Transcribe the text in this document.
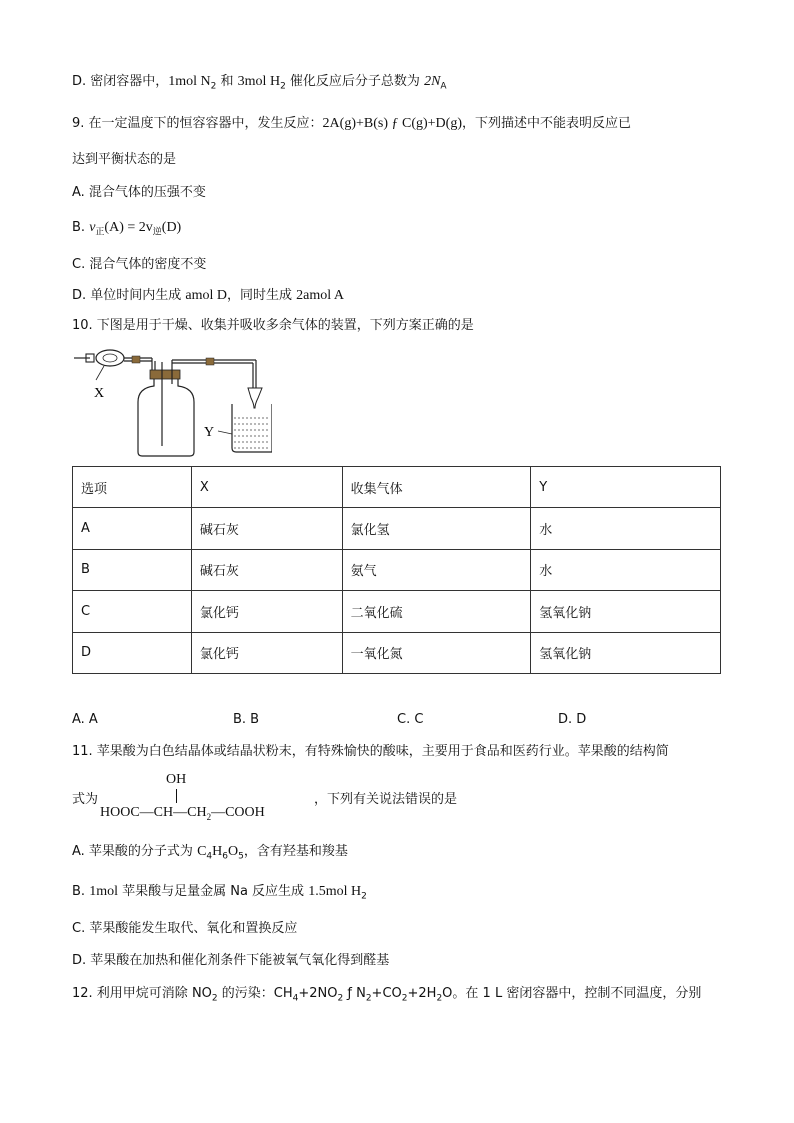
D. 密闭容器中，1mol $N_2$ 和 3mol $H_2$ 催化反应后分子总数为 $2N_A$
9. 在一定温度下的恒容容器中，发生反应：2A(g)+B(s) ƒ C(g)+D(g)，下列描述中不能表明反应已
达到平衡状态的是
A. 混合气体的压强不变
B. $v_正(A) = 2v_逆(D)$
C. 混合气体的密度不变
D. 单位时间内生成 amol D，同时生成 2amol A
10. 下图是用于干燥、收集并吸收多余气体的装置，下列方案正确的是
X
Y
选项	X	收集气体	Y
A	碱石灰	氯化氢	水
B	碱石灰	氨气	水
C	氯化钙	二氧化硫	氢氧化钠
D	氯化钙	一氧化氮	氢氧化钠
A. A	B. B	C. C	D. D
11. 苹果酸为白色结晶体或结晶状粉末，有特殊愉快的酸味，主要用于食品和医药行业。苹果酸的结构简
式为
OH
$HOOC—CH—CH_2—COOH$
，下列有关说法错误的是
A. 苹果酸的分子式为 $C_4H_6O_5$，含有羟基和羧基
B. 1mol 苹果酸与足量金属 Na 反应生成 1.5mol $H_2$
C. 苹果酸能发生取代、氧化和置换反应
D. 苹果酸在加热和催化剂条件下能被氧气氧化得到醛基
12. 利用甲烷可消除 $NO_2$ 的污染：$CH_4+2NO_2$ ƒ $N_2+CO_2+2H_2O$。在 1 L 密闭容器中，控制不同温度，分别
